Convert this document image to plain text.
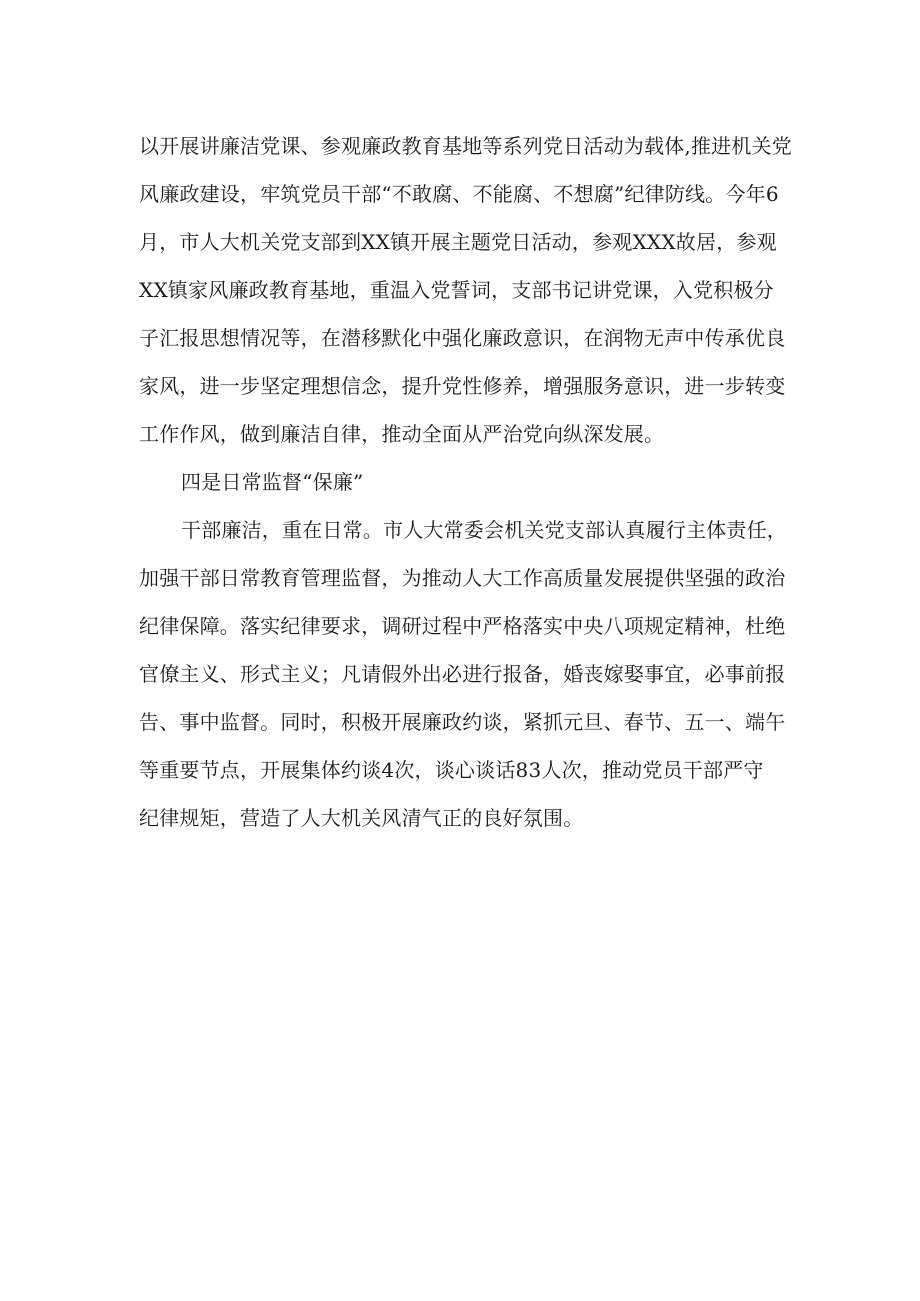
以开展讲廉洁党课、参观廉政教育基地等系列党日活动为载体,推进机关党
风廉政建设，牢筑党员干部“不敢腐、不能腐、不想腐”纪律防线。今年6
月，市人大机关党支部到XX镇开展主题党日活动，参观XXX故居，参观
XX镇家风廉政教育基地，重温入党誓词，支部书记讲党课，入党积极分
子汇报思想情况等，在潜移默化中强化廉政意识，在润物无声中传承优良
家风，进一步坚定理想信念，提升党性修养，增强服务意识，进一步转变
工作作风，做到廉洁自律，推动全面从严治党向纵深发展。
四是日常监督“保廉”
干部廉洁，重在日常。市人大常委会机关党支部认真履行主体责任，
加强干部日常教育管理监督，为推动人大工作高质量发展提供坚强的政治
纪律保障。落实纪律要求，调研过程中严格落实中央八项规定精神，杜绝
官僚主义、形式主义；凡请假外出必进行报备，婚丧嫁娶事宜，必事前报
告、事中监督。同时，积极开展廉政约谈，紧抓元旦、春节、五一、端午
等重要节点，开展集体约谈4次，谈心谈话83人次，推动党员干部严守
纪律规矩，营造了人大机关风清气正的良好氛围。
